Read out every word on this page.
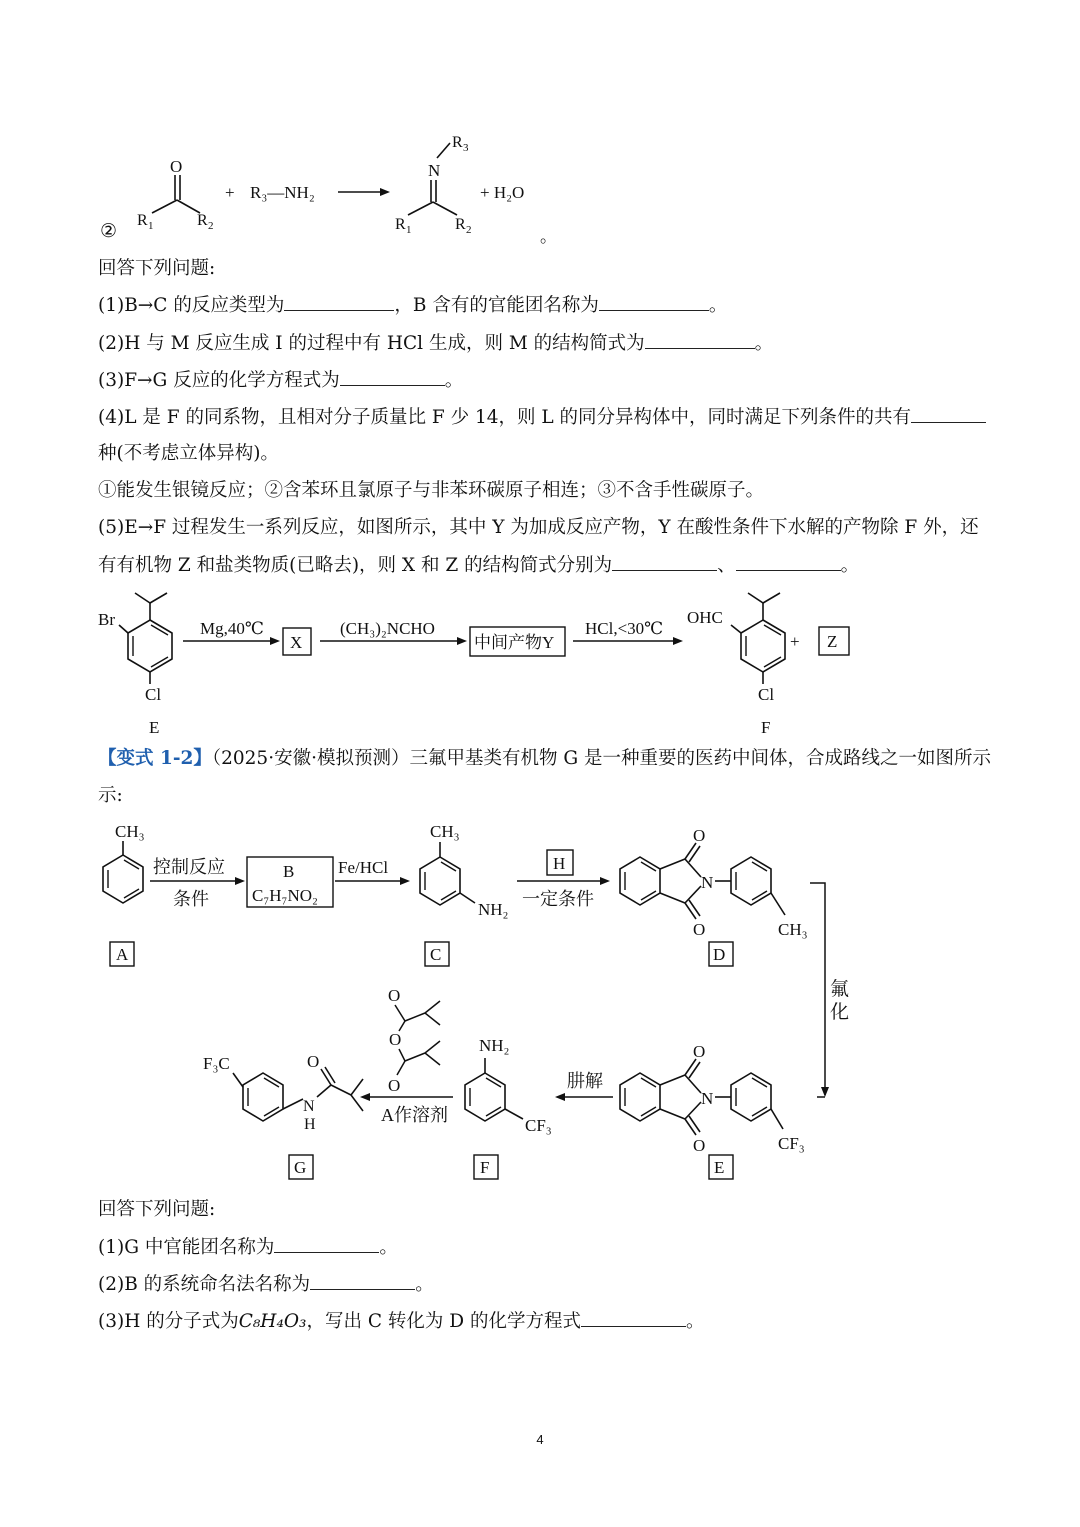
②
O
R 1	R 2
+ R₃—NH₂
R 3
N
R 1	R 2
+ H₂O
。
回答下列问题:
(1)B→C 的反应类型为	，B 含有的官能团名称为	。
(2)H 与 M 反应生成 I 的过程中有 HCl 生成，则 M 的结构简式为	。
(3)F→G 反应的化学方程式为	。
(4)L 是 F 的同系物，且相对分子质量比 F 少 14，则 L 的同分异构体中，同时满足下列条件的共有
种(不考虑立体异构)。
①能发生银镜反应；②含苯环且氯原子与非苯环碳原子相连；③不含手性碳原子。
(5)E→F 过程发生一系列反应，如图所示，其中 Y 为加成反应产物，Y 在酸性条件下水解的产物除 F 外，还
有有机物 Z 和盐类物质(已略去)，则 X 和 Z 的结构简式分别为	、	。
Br
Cl
E
Mg,40℃
X
(CH₃)₂NCHO
中间产物Y
HCl,<30℃
OHC
Cl
F
+ Z
【变式 1-2】（2025·安徽·模拟预测）三氟甲基类有机物 G 是一种重要的医药中间体，合成路线之一如图所示
示:
CH₃
A
控制反应
条件
B
C₇H₇NO₂
Fe/HCl
CH₃
NH₂
C
H
一定条件
O
O
N
CH₃
D
氟
化
O
O
N
CF₃
E
肼解
NH₂
CF₃
F
O
O
O
A作溶剂
F₃C
N
H
O
G
回答下列问题:
(1)G 中官能团名称为	。
(2)B 的系统命名法名称为	。
(3)H 的分子式为C₈H₄O₃，写出 C 转化为 D 的化学方程式	。
4
